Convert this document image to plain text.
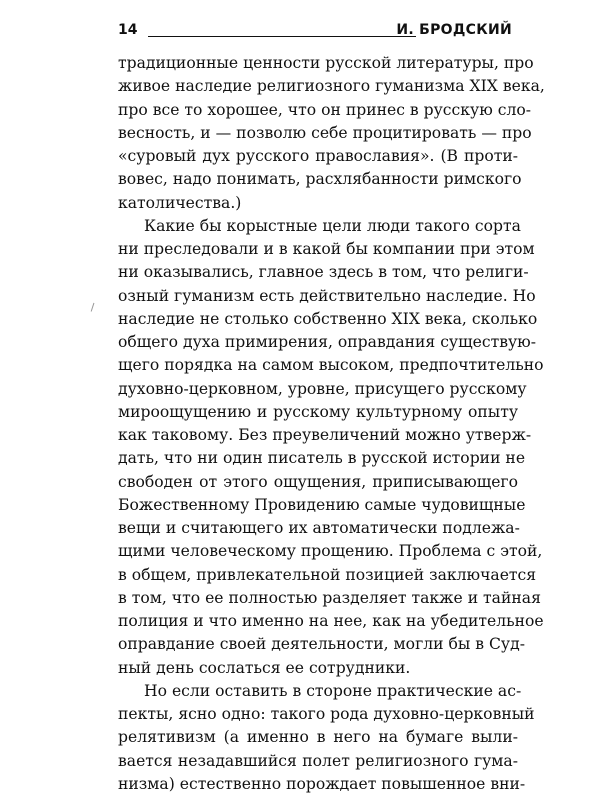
14	И. БРОДСКИЙ
традиционные ценности русской литературы, про
живое наследие религиозного гуманизма XIX века,
про все то хорошее, что он принес в русскую сло-
весность, и — позволю себе процитировать — про
«суровый дух русского православия». (В проти-
вовес, надо понимать, расхлябанности римского
католичества.)
Какие бы корыстные цели люди такого сорта
ни преследовали и в какой бы компании при этом
ни оказывались, главное здесь в том, что религи-
озный гуманизм есть действительно наследие. Но
наследие не столько собственно XIX века, сколько
общего духа примирения, оправдания существую-
щего порядка на самом высоком, предпочтительно
духовно-церковном, уровне, присущего русскому
мироощущению и русскому культурному опыту
как таковому. Без преувеличений можно утверж-
дать, что ни один писатель в русской истории не
свободен от этого ощущения, приписывающего
Божественному Провидению самые чудовищные
вещи и считающего их автоматически подлежа-
щими человеческому прощению. Проблема с этой,
в общем, привлекательной позицией заключается
в том, что ее полностью разделяет также и тайная
полиция и что именно на нее, как на убедительное
оправдание своей деятельности, могли бы в Суд-
ный день сослаться ее сотрудники.
Но если оставить в стороне практические ас-
пекты, ясно одно: такого рода духовно-церковный
релятивизм (а именно в него на бумаге выли-
вается незадавшийся полет религиозного гума-
низма) естественно порождает повышенное вни-
